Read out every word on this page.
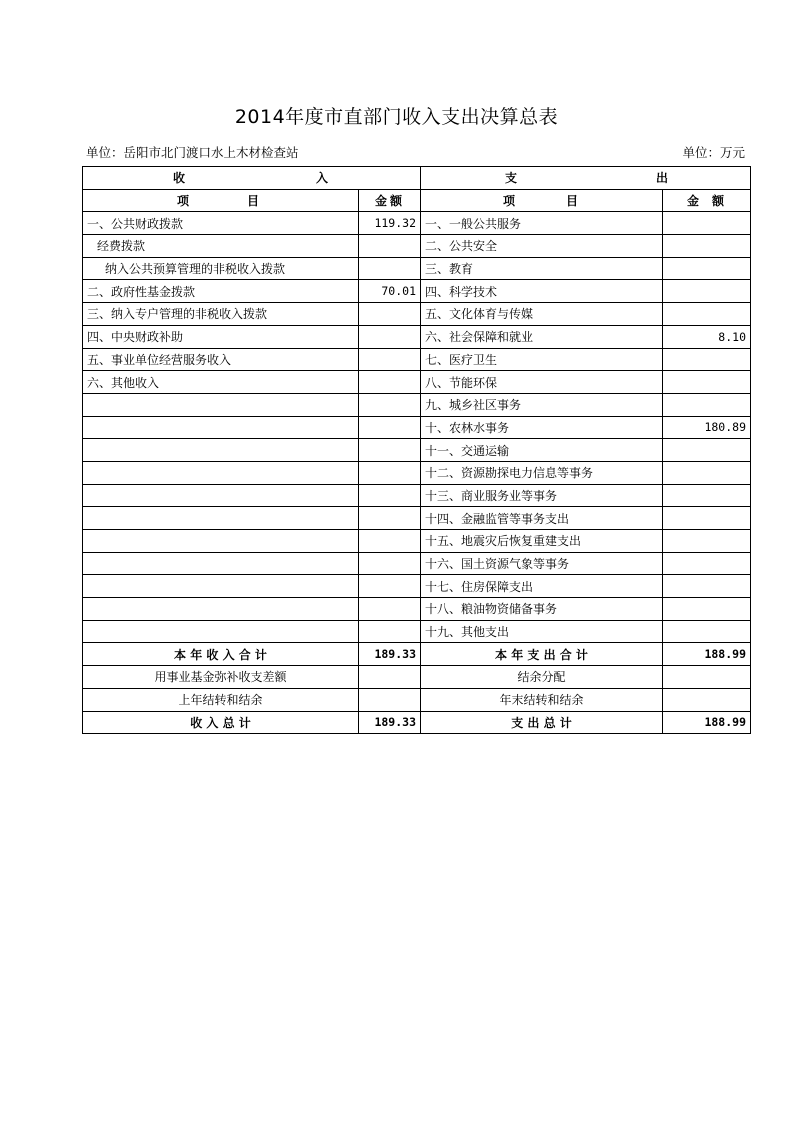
2014年度市直部门收入支出决算总表
单位：岳阳市北门渡口水上木材检查站	单位：万元
收 入		支 出	

项 目	金 额	项 目	金 额

一、公共财政拨款	119.32	一、一般公共服务	
经费拨款		二、公共安全	
纳入公共预算管理的非税收入拨款		三、教育	
二、政府性基金拨款	70.01	四、科学技术	
三、纳入专户管理的非税收入拨款		五、文化体育与传媒	
四、中央财政补助		六、社会保障和就业	8.10
五、事业单位经营服务收入		七、医疗卫生	
六、其他收入		八、节能环保	
		九、城乡社区事务	
		十、农林水事务	180.89
		十一、交通运输	
		十二、资源勘探电力信息等事务	
		十三、商业服务业等事务	
		十四、金融监管等事务支出	
		十五、地震灾后恢复重建支出	
		十六、国土资源气象等事务	
		十七、住房保障支出	
		十八、粮油物资储备事务	
		十九、其他支出	
本 年 收 入 合 计	189.33	本 年 支 出 合 计	188.99
用事业基金弥补收支差额		结余分配	
上年结转和结余		年末结转和结余	
收 入 总 计	189.33	支 出 总 计	188.99
